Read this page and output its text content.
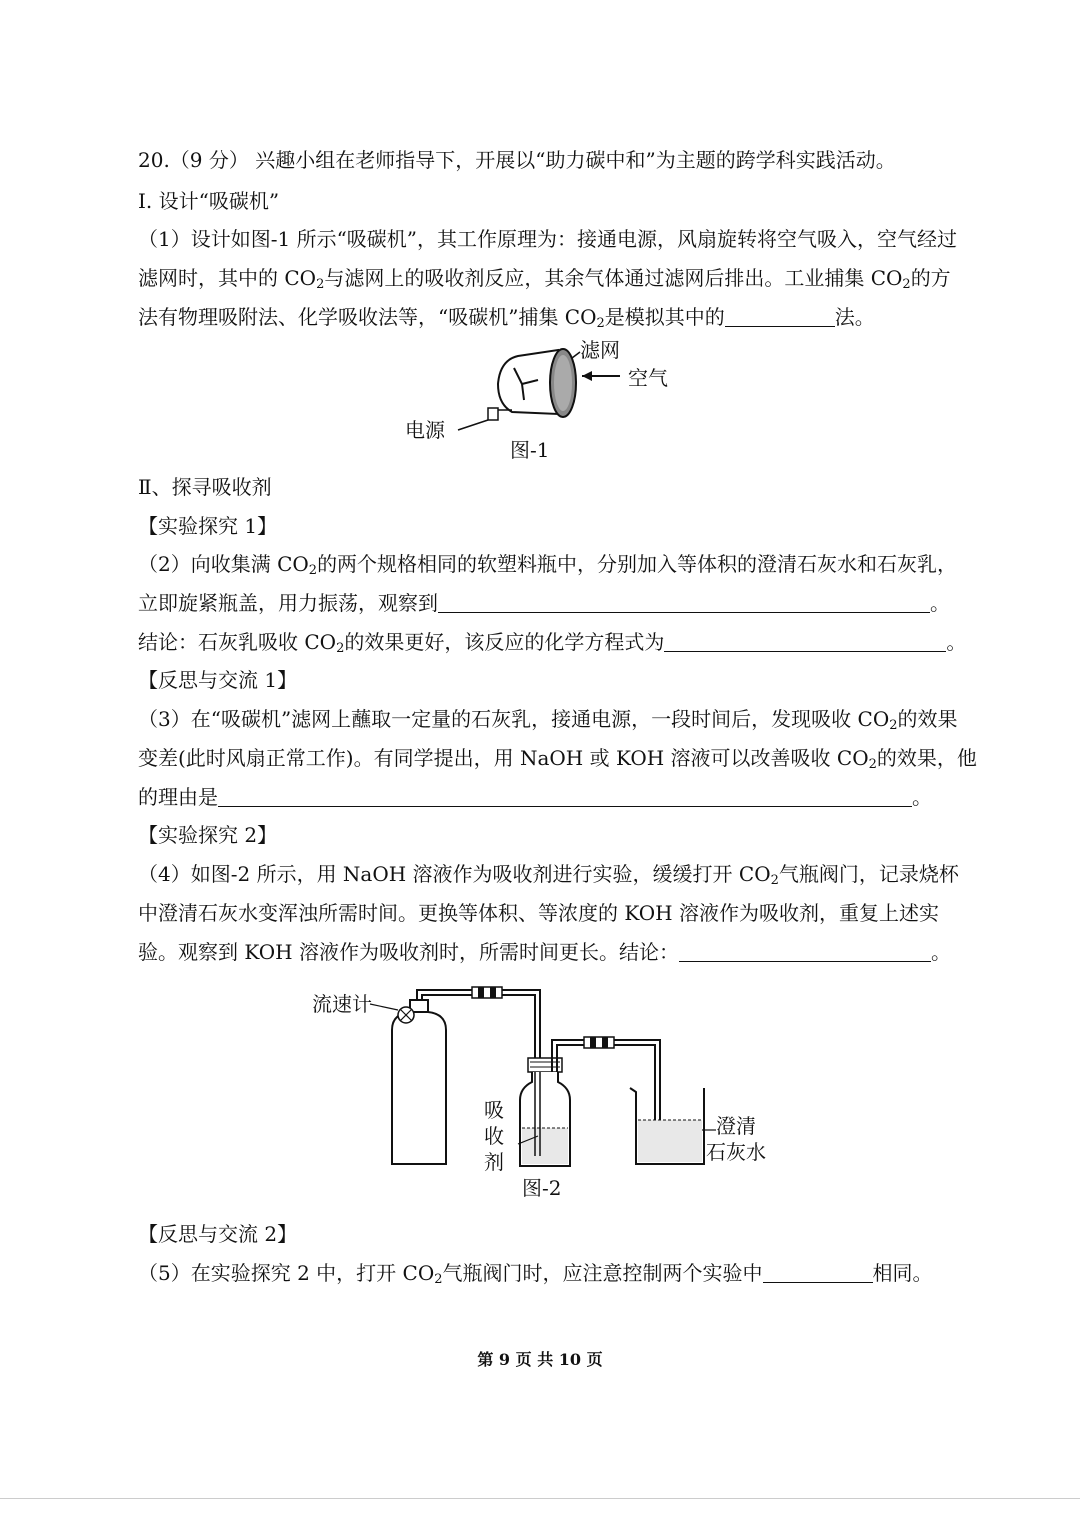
20.（9 分） 兴趣小组在老师指导下，开展以“助力碳中和”为主题的跨学科实践活动。
I. 设计“吸碳机”
（1）设计如图-1 所示“吸碳机”，其工作原理为：接通电源，风扇旋转将空气吸入，空气经过
滤网时，其中的 $CO_2$与滤网上的吸收剂反应，其余气体通过滤网后排出。工业捕集 $CO_2$的方
法有物理吸附法、化学吸收法等，“吸碳机”捕集 $CO_2$是模拟其中的	法。
滤网
空气
电源
图-1
Ⅱ、探寻吸收剂
【实验探究 1】
（2）向收集满 $CO_2$的两个规格相同的软塑料瓶中，分别加入等体积的澄清石灰水和石灰乳，
立即旋紧瓶盖，用力振荡，观察到	。
结论：石灰乳吸收 $CO_2$的效果更好，该反应的化学方程式为	。
【反思与交流 1】
（3）在“吸碳机”滤网上蘸取一定量的石灰乳，接通电源，一段时间后，发现吸收 $CO_2$的效果
变差(此时风扇正常工作)。有同学提出，用 NaOH 或 KOH 溶液可以改善吸收 $CO_2$的效果，他
的理由是	。
【实验探究 2】
（4）如图-2 所示，用 NaOH 溶液作为吸收剂进行实验，缓缓打开 $CO_2$气瓶阀门，记录烧杯
中澄清石灰水变浑浊所需时间。更换等体积、等浓度的 KOH 溶液作为吸收剂，重复上述实
验。观察到 KOH 溶液作为吸收剂时，所需时间更长。结论：	。
流速计
吸
收
剂
澄清
石灰水
图-2
【反思与交流 2】
（5）在实验探究 2 中，打开 $CO_2$气瓶阀门时，应注意控制两个实验中	相同。
第 9 页 共 10 页
